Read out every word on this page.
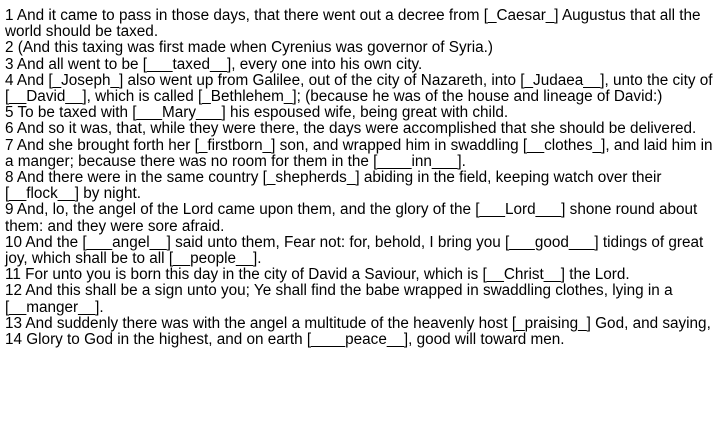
1 And it came to pass in those days, that there went out a decree from [_Caesar_] Augustus that all the world should be taxed.

2 (And this taxing was first made when Cyrenius was governor of Syria.)

3 And all went to be [___taxed__], every one into his own city.

4 And [_Joseph_] also went up from Galilee, out of the city of Nazareth, into [_Judaea__], unto the city of [__David__], which is called [_Bethlehem_]; (because he was of the house and lineage of David:)

5 To be taxed with [___Mary___] his espoused wife, being great with child.

6 And so it was, that, while they were there, the days were accomplished that she should be delivered.

7 And she brought forth her [_firstborn_] son, and wrapped him in swaddling [__clothes_], and laid him in a manger; because there was no room for them in the [____inn___].

8 And there were in the same country [_shepherds_] abiding in the field, keeping watch over their [__flock__] by night.

9 And, lo, the angel of the Lord came upon them, and the glory of the [___Lord___] shone round about them: and they were sore afraid.

10 And the [___angel__] said unto them, Fear not: for, behold, I bring you [___good___] tidings of great joy, which shall be to all [__people__].

11 For unto you is born this day in the city of David a Saviour, which is [__Christ__] the Lord.

12 And this shall be a sign unto you; Ye shall find the babe wrapped in swaddling clothes, lying in a [__manger__].

13 And suddenly there was with the angel a multitude of the heavenly host [_praising_] God, and saying,

14 Glory to God in the highest, and on earth [____peace__], good will toward men.
